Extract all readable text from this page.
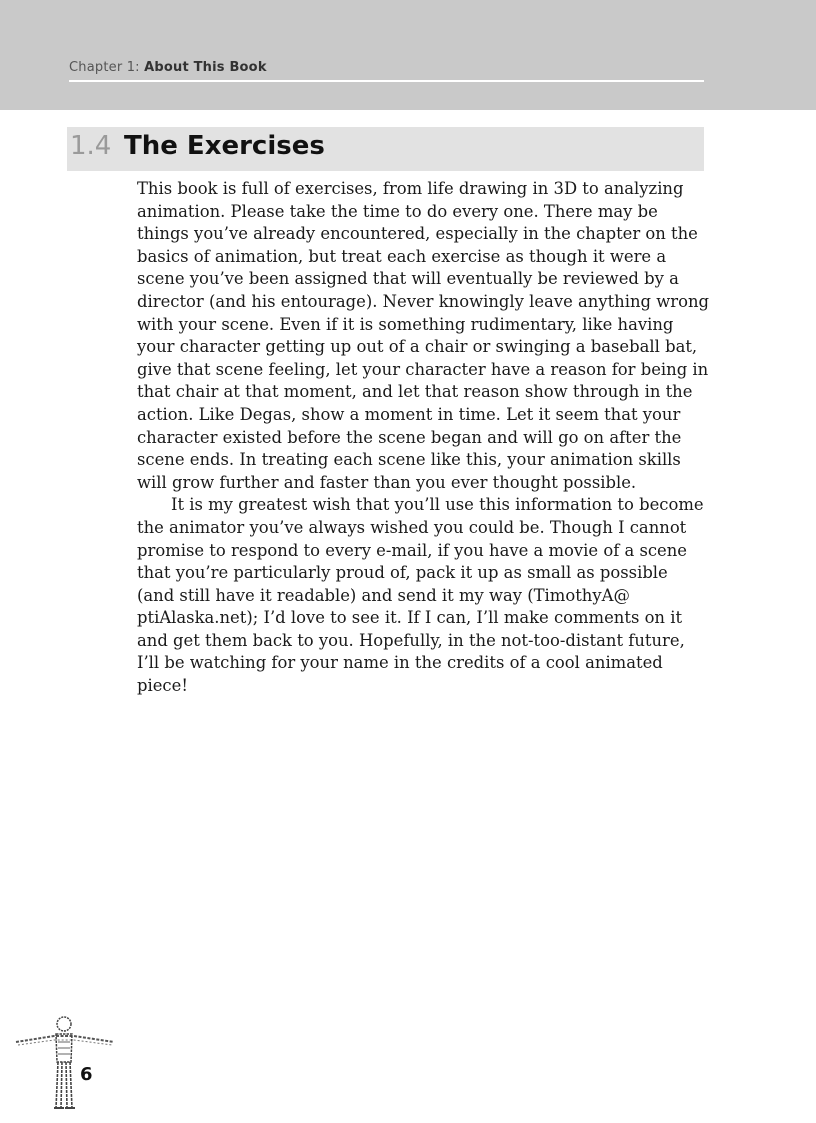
Chapter 1: About This Book
1.4 The Exercises
This book is full of exercises, from life drawing in 3D to analyzing
animation. Please take the time to do every one. There may be
things you’ve already encountered, especially in the chapter on the
basics of animation, but treat each exercise as though it were a
scene you’ve been assigned that will eventually be reviewed by a
director (and his entourage). Never knowingly leave anything wrong
with your scene. Even if it is something rudimentary, like having
your character getting up out of a chair or swinging a baseball bat,
give that scene feeling, let your character have a reason for being in
that chair at that moment, and let that reason show through in the
action. Like Degas, show a moment in time. Let it seem that your
character existed before the scene began and will go on after the
scene ends. In treating each scene like this, your animation skills
will grow further and faster than you ever thought possible.
It is my greatest wish that you’ll use this information to become
the animator you’ve always wished you could be. Though I cannot
promise to respond to every e-mail, if you have a movie of a scene
that you’re particularly proud of, pack it up as small as possible
(and still have it readable) and send it my way (TimothyA@
ptiAlaska.net); I’d love to see it. If I can, I’ll make comments on it
and get them back to you. Hopefully, in the not-too-distant future,
I’ll be watching for your name in the credits of a cool animated
piece!
6
